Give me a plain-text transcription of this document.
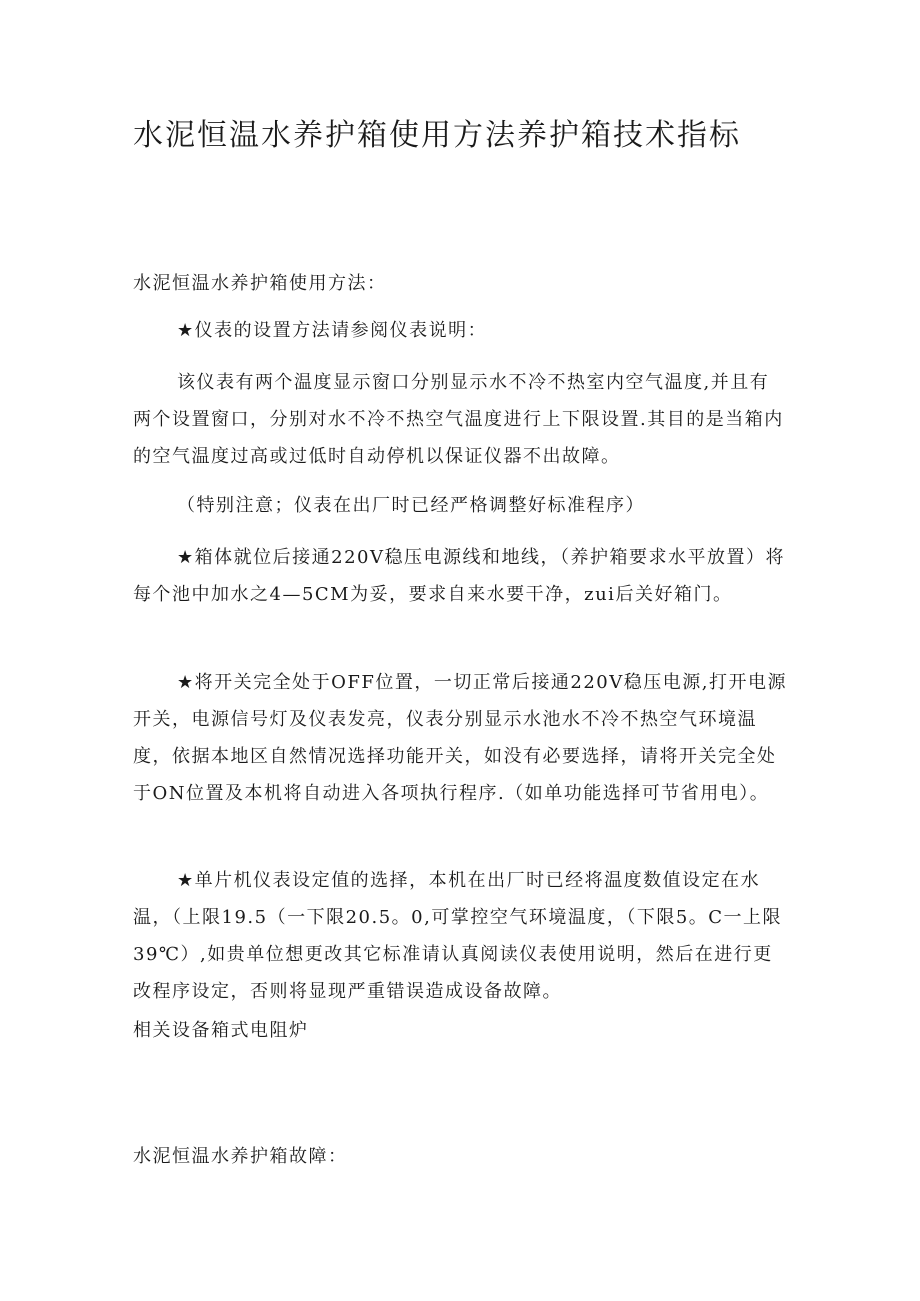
水泥恒温水养护箱使用方法养护箱技术指标

水泥恒温水养护箱使用方法：

★仪表的设置方法请参阅仪表说明：

该仪表有两个温度显示窗口分别显示水不冷不热室内空气温度,并且有两个设置窗口，分别对水不冷不热空气温度进行上下限设置.其目的是当箱内的空气温度过高或过低时自动停机以保证仪器不出故障。

（特别注意；仪表在出厂时已经严格调整好标准程序）

★箱体就位后接通220V稳压电源线和地线，（养护箱要求水平放置）将每个池中加水之4—5CM为妥，要求自来水要干净，zui后关好箱门。

★将开关完全处于OFF位置，一切正常后接通220V稳压电源,打开电源开关，电源信号灯及仪表发亮，仪表分别显示水池水不冷不热空气环境温度，依据本地区自然情况选择功能开关，如没有必要选择，请将开关完全处于ON位置及本机将自动进入各项执行程序.（如单功能选择可节省用电）。

★单片机仪表设定值的选择，本机在出厂时已经将温度数值设定在水温，（上限19.5（一下限20.5。0,可掌控空气环境温度，（下限5。C一上限39℃）,如贵单位想更改其它标准请认真阅读仪表使用说明，然后在进行更改程序设定，否则将显现严重错误造成设备故障。

相关设备箱式电阻炉

水泥恒温水养护箱故障：
